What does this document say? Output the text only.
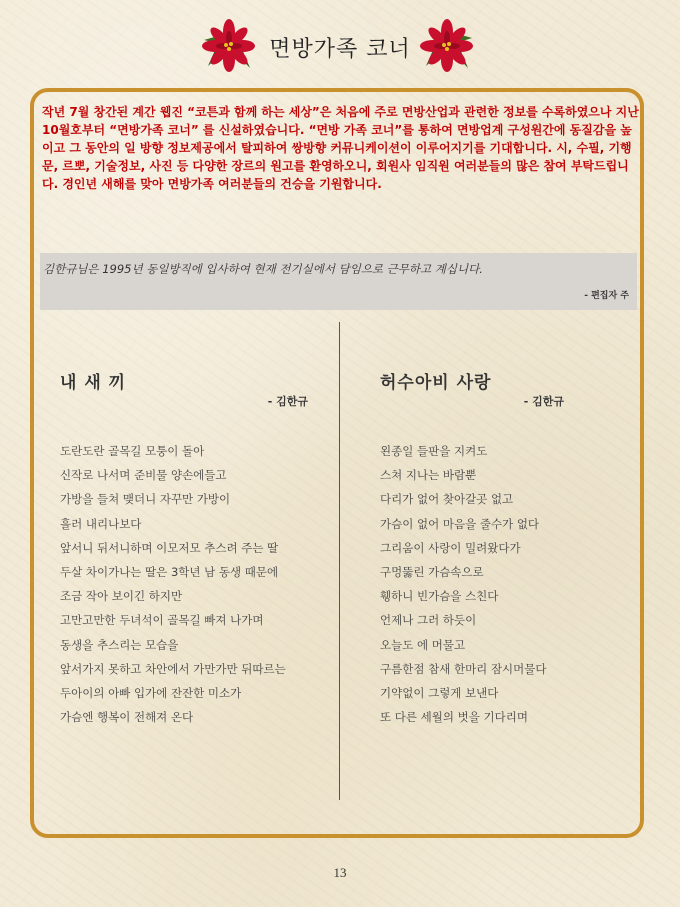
면방가족 코너

작년 7월 창간된 계간 웹진 “코튼과 함께 하는 세상”은 처음에 주로 면방산업과 관련한 정보를 수록하였으나 지난 10월호부터 “면방가족 코너” 를 신설하였습니다. “면방 가족 코너”를 통하여 면방업계 구성원간에 동질감을 높이고 그 동안의 일 방향 정보제공에서 탈피하여 쌍방향 커뮤니케이션이 이루어지기를 기대합니다. 시, 수필, 기행문, 르뽀, 기술정보, 사진 등 다양한 장르의 원고를 환영하오니, 회원사 임직원 여러분들의 많은 참여 부탁드립니다. 경인년 새해를 맞아 면방가족 여러분들의 건승을 기원합니다.

김한규님은 1995년 동일방직에 입사하여 현재 전기실에서 담임으로 근무하고 계십니다.
- 편집자 주
내 새 끼
- 김한규
도란도란 골목길 모퉁이 돌아
신작로 나서며 준비물 양손에들고
가방을 들쳐 맺더니 자꾸만 가방이
흘러 내리나보다
앞서니 뒤서니하며 이모저모 추스려 주는 딸
두살 차이가나는 딸은 3학년 남 동생 때문에
조금 작아 보이긴 하지만
고만고만한 두녀석이 골목길 빠져 나가며
동생을 추스리는 모습을
앞서가지 못하고 차안에서 가만가만 뒤따르는
두아이의 아빠 입가에 잔잔한 미소가
가슴엔 행복이 전해져 온다
허수아비 사랑
- 김한규
왼종일 들판을 지켜도
스쳐 지나는 바람뿐
다리가 없어 찾아갈곳 없고
가슴이 없어 마음을 줄수가 없다
그리움이 사랑이 밀려왔다가
구멍뚫린 가슴속으로
휑하니 빈가슴을 스친다
언제나 그러 하듯이
오늘도 에 머물고
구름한점 참새 한마리 잠시머물다
기약없이 그렇게 보낸다
또 다른 세월의 벗을 기다리며
13
